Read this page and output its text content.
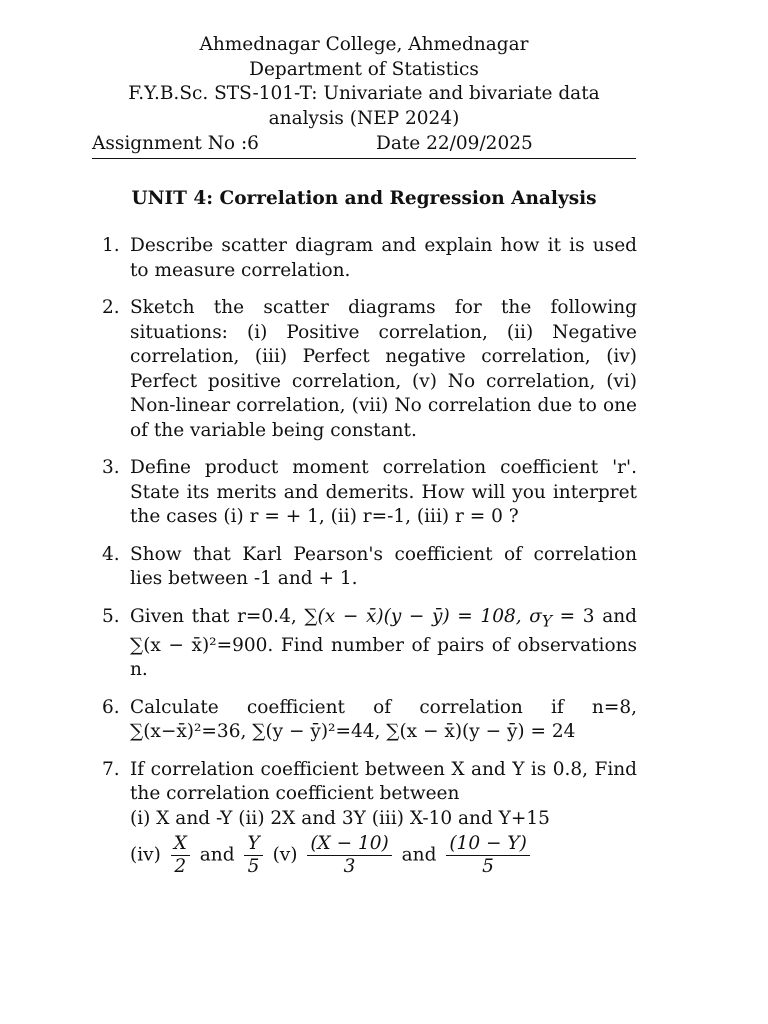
Ahmednagar College, Ahmednagar
Department of Statistics
F.Y.B.Sc. STS-101-T: Univariate and bivariate data
analysis (NEP 2024)
Assignment No :6	Date 22/09/2025
UNIT 4: Correlation and Regression Analysis
1. Describe scatter diagram and explain how it is used to measure correlation.
2. Sketch the scatter diagrams for the following situations: (i) Positive correlation, (ii) Negative correlation, (iii) Perfect negative correlation, (iv) Perfect positive correlation, (v) No correlation, (vi) Non-linear correlation, (vii) No correlation due to one of the variable being constant.
3. Define product moment correlation coefficient 'r'. State its merits and demerits. How will you interpret the cases (i) r = + 1, (ii) r=-1, (iii) r = 0 ?
4. Show that Karl Pearson's coefficient of correlation lies between -1 and + 1.
5. Given that r=0.4, ∑(x − x̄)(y − ȳ) = 108, $\sigma_Y = 3$ and ∑(x − x̄)²=900. Find number of pairs of observations n.
6. Calculate coefficient of correlation if n=8, ∑(x−x̄)²=36, ∑(y − ȳ)²=44, ∑(x − x̄)(y − ȳ) = 24
7. If correlation coefficient between X and Y is 0.8, Find the correlation coefficient between
(i) X and -Y (ii) 2X and 3Y (iii) X-10 and Y+15
$(iv) \frac{X}{2}$ and $\frac{Y}{5} (v) \frac{(X - 10)}{3}$ and $\frac{(10 - Y)}{5}$
